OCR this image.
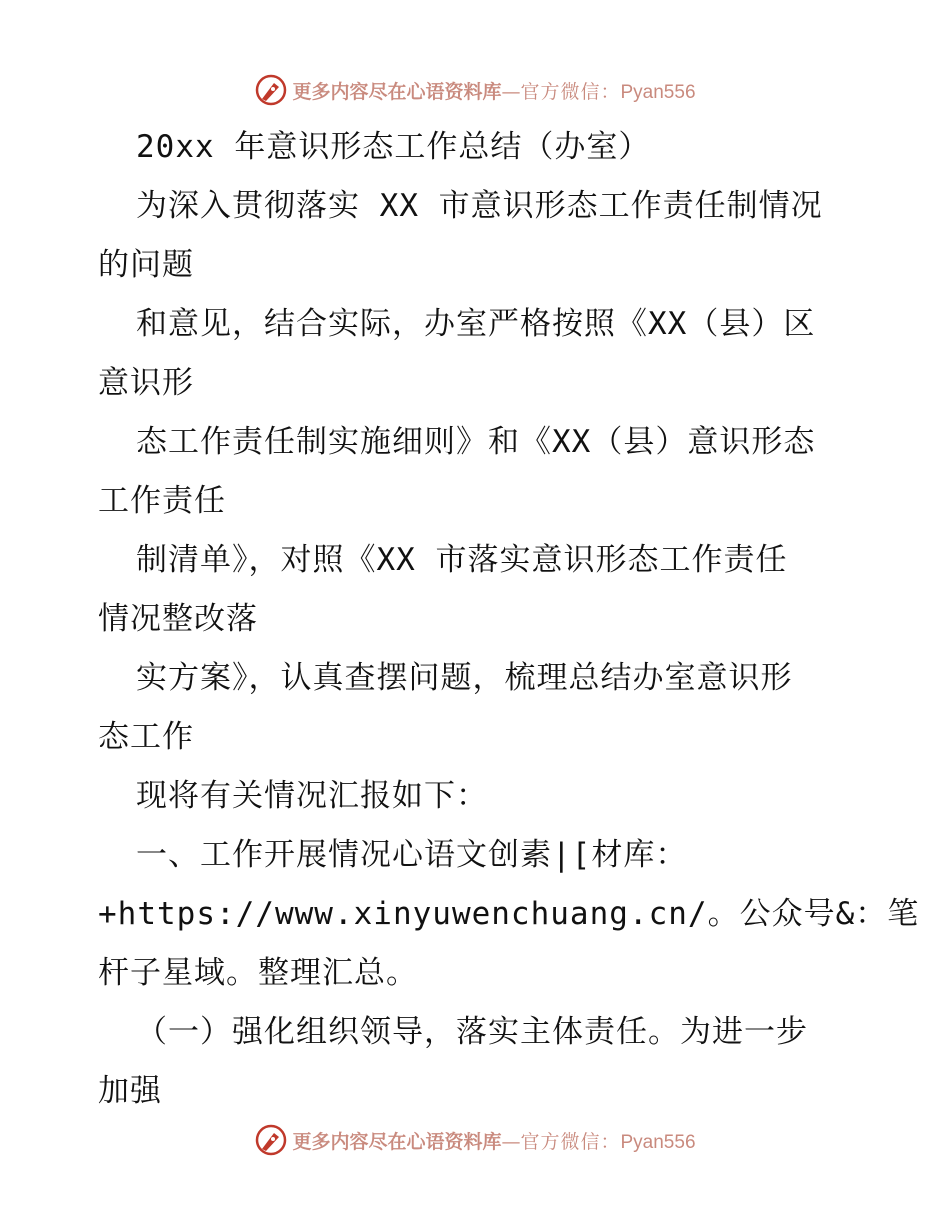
更多内容尽在心语资料库—官方微信：Pyan556
20xx 年意识形态工作总结（办室）
为深入贯彻落实 XX 市意识形态工作责任制情况
的问题
和意见，结合实际，办室严格按照《XX（县）区
意识形
态工作责任制实施细则》和《XX（县）意识形态
工作责任
制清单》，对照《XX 市落实意识形态工作责任
情况整改落
实方案》，认真查摆问题，梳理总结办室意识形
态工作
现将有关情况汇报如下：
一、工作开展情况心语文创素|[材库：
+https://www.xinyuwenchuang.cn/。公众号&：笔
杆子星域。整理汇总。
（一）强化组织领导，落实主体责任。为进一步
加强
更多内容尽在心语资料库—官方微信：Pyan556
